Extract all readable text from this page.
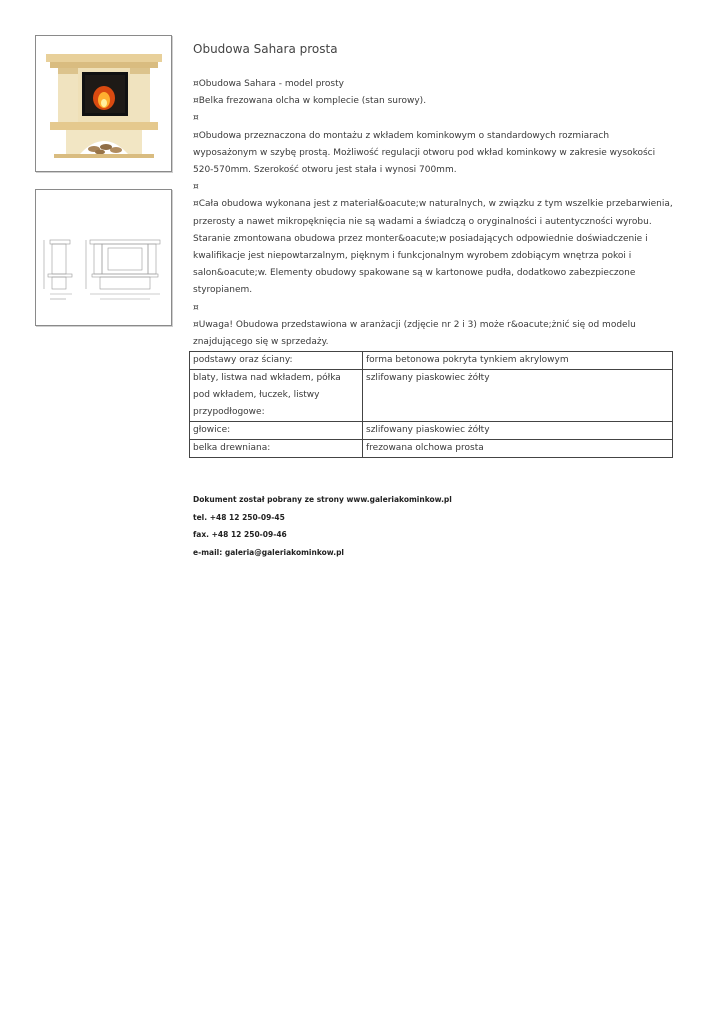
Obudowa Sahara prosta

¤Obudowa Sahara - model prosty

¤Belka frezowana olcha w komplecie (stan surowy).

¤

¤Obudowa przeznaczona do montażu z wkładem kominkowym o standardowych rozmiarach wyposażonym w szybę prostą. Możliwość regulacji otworu pod wkład kominkowy w zakresie wysokości 520-570mm. Szerokość otworu jest stała i wynosi 700mm.

¤

¤Cała obudowa wykonana jest z materiał&oacute;w naturalnych, w związku z tym wszelkie przebarwienia, przerosty a nawet mikropęknięcia nie są wadami a świadczą o oryginalności i autentyczności wyrobu. Staranie zmontowana obudowa przez monter&oacute;w posiadających odpowiednie doświadczenie i kwalifikacje jest niepowtarzalnym, pięknym i funkcjonalnym wyrobem zdobiącym wnętrza pokoi i salon&oacute;w. Elementy obudowy spakowane są w kartonowe pudła, dodatkowo zabezpieczone styropianem.

¤

¤Uwaga! Obudowa przedstawiona w aranżacji (zdjęcie nr 2 i 3) może r&oacute;żnić się od modelu znajdującego się w sprzedaży.

podstawy oraz ściany:	forma betonowa pokryta tynkiem akrylowym
blaty, listwa nad wkładem, półka pod wkładem, łuczek, listwy przypodłogowe:	szlifowany piaskowiec żółty
głowice:	szlifowany piaskowiec żółty
belka drewniana:	frezowana olchowa prosta

Dokument został pobrany ze strony www.galeriakominkow.pl

tel. +48 12 250-09-45

fax. +48 12 250-09-46

e-mail: galeria@galeriakominkow.pl
